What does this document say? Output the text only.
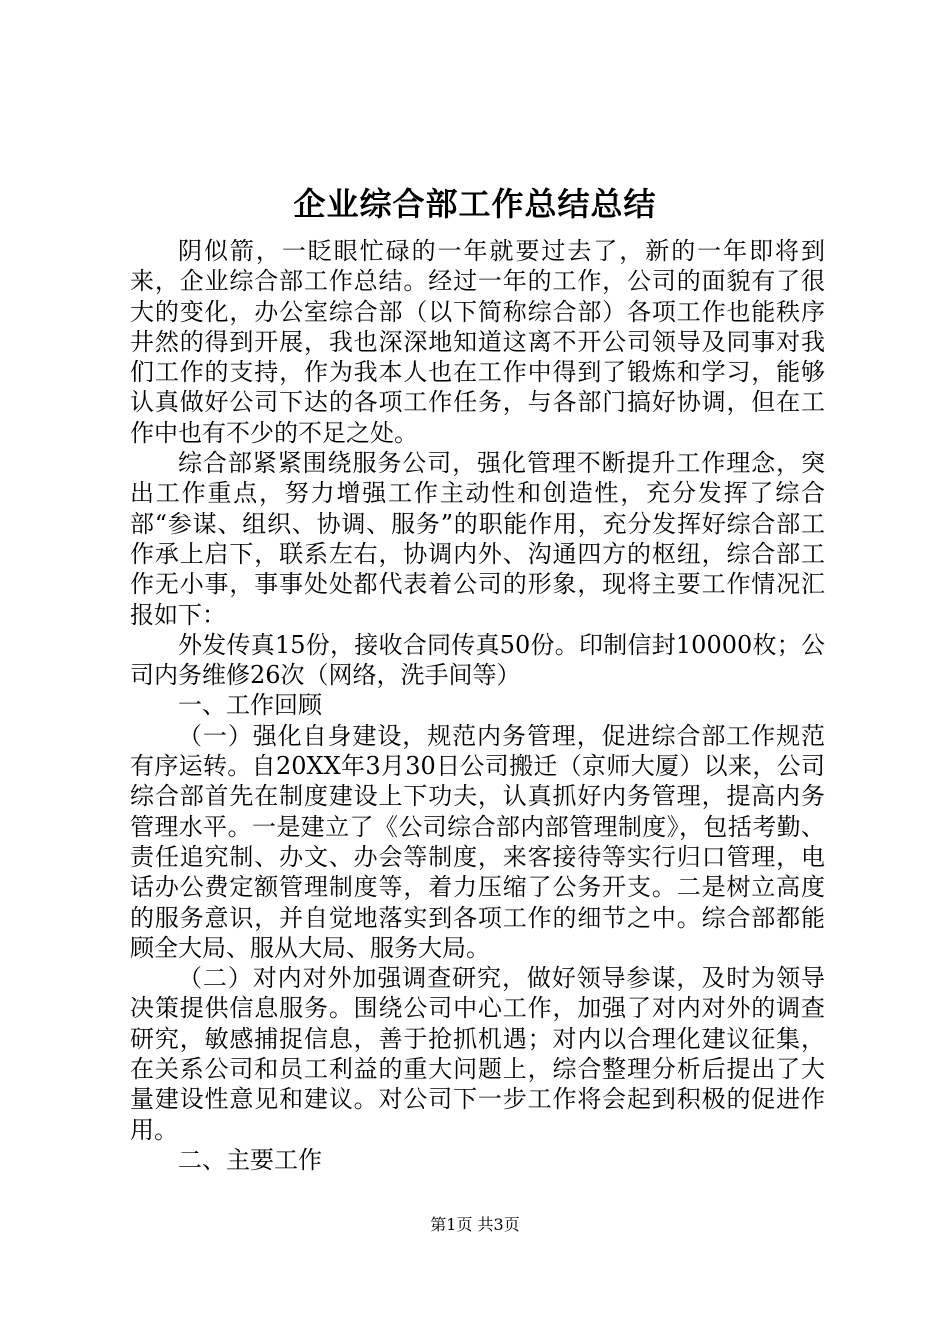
企业综合部工作总结总结

阴似箭，一眨眼忙碌的一年就要过去了，新的一年即将到来，企业综合部工作总结。经过一年的工作，公司的面貌有了很大的变化，办公室综合部（以下简称综合部）各项工作也能秩序井然的得到开展，我也深深地知道这离不开公司领导及同事对我们工作的支持，作为我本人也在工作中得到了锻炼和学习，能够认真做好公司下达的各项工作任务，与各部门搞好协调，但在工作中也有不少的不足之处。

综合部紧紧围绕服务公司，强化管理不断提升工作理念，突出工作重点，努力增强工作主动性和创造性，充分发挥了综合部“参谋、组织、协调、服务”的职能作用，充分发挥好综合部工作承上启下，联系左右，协调内外、沟通四方的枢纽，综合部工作无小事，事事处处都代表着公司的形象，现将主要工作情况汇报如下：

外发传真15份，接收合同传真50份。印制信封10000枚；公司内务维修26次（网络，洗手间等）

一、工作回顾

（一）强化自身建设，规范内务管理，促进综合部工作规范有序运转。自20XX年3月30日公司搬迁（京师大厦）以来，公司综合部首先在制度建设上下功夫，认真抓好内务管理，提高内务管理水平。一是建立了《公司综合部内部管理制度》，包括考勤、责任追究制、办文、办会等制度，来客接待等实行归口管理，电话办公费定额管理制度等，着力压缩了公务开支。二是树立高度的服务意识，并自觉地落实到各项工作的细节之中。综合部都能顾全大局、服从大局、服务大局。

（二）对内对外加强调查研究，做好领导参谋，及时为领导决策提供信息服务。围绕公司中心工作，加强了对内对外的调查研究，敏感捕捉信息，善于抢抓机遇；对内以合理化建议征集，在关系公司和员工利益的重大问题上，综合整理分析后提出了大量建设性意见和建议。对公司下一步工作将会起到积极的促进作用。

二、主要工作

第1页 共3页
